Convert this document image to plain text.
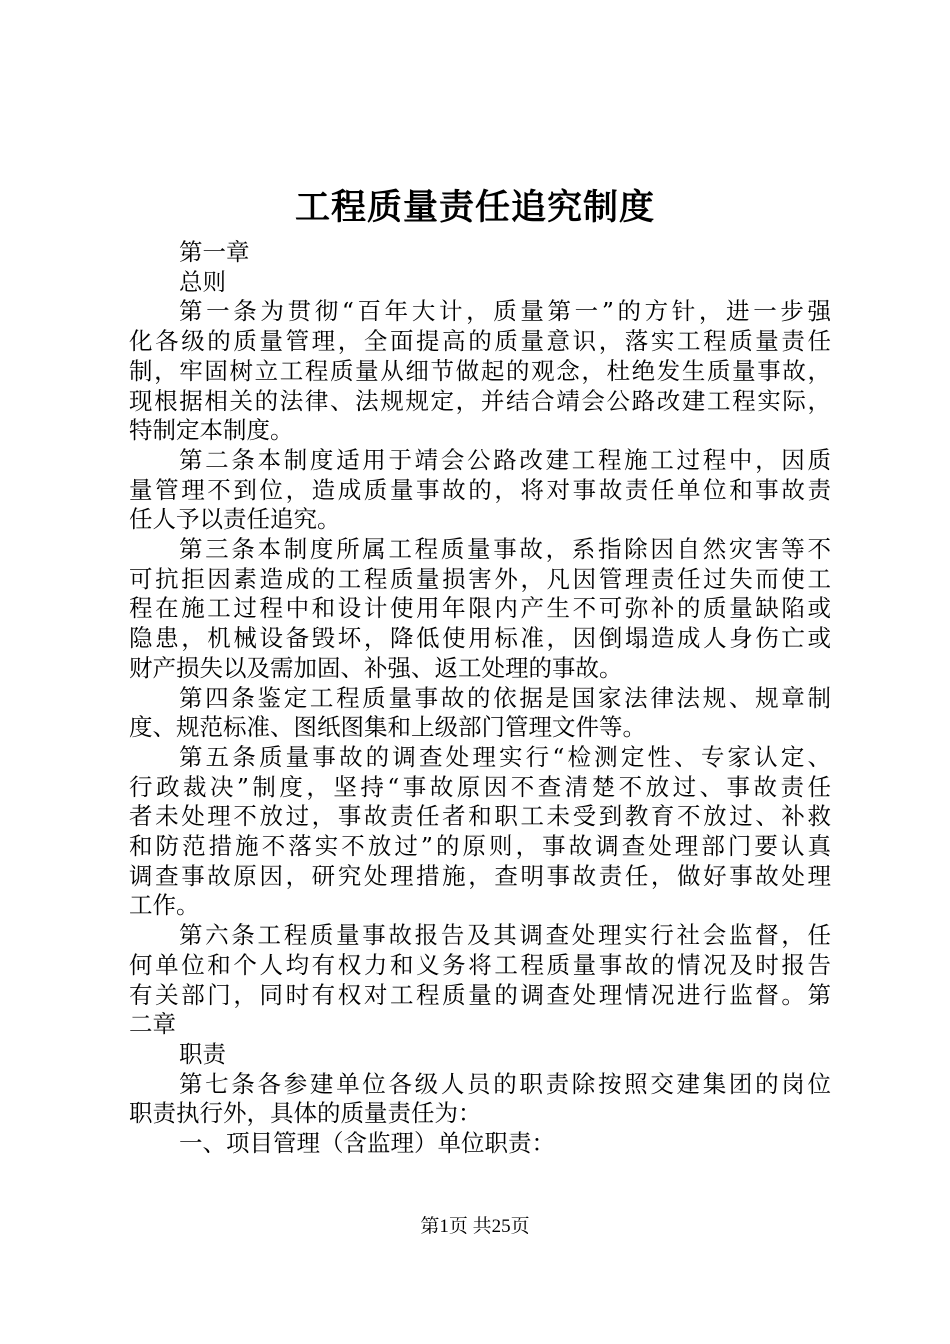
工程质量责任追究制度

第一章

总则

第一条为贯彻“百年大计，质量第一”的方针，进一步强

化各级的质量管理，全面提高的质量意识，落实工程质量责任

制，牢固树立工程质量从细节做起的观念，杜绝发生质量事故，

现根据相关的法律、法规规定，并结合靖会公路改建工程实际，

特制定本制度。

第二条本制度适用于靖会公路改建工程施工过程中，因质

量管理不到位，造成质量事故的，将对事故责任单位和事故责

任人予以责任追究。

第三条本制度所属工程质量事故，系指除因自然灾害等不

可抗拒因素造成的工程质量损害外，凡因管理责任过失而使工

程在施工过程中和设计使用年限内产生不可弥补的质量缺陷或

隐患，机械设备毁坏，降低使用标准，因倒塌造成人身伤亡或

财产损失以及需加固、补强、返工处理的事故。

第四条鉴定工程质量事故的依据是国家法律法规、规章制

度、规范标准、图纸图集和上级部门管理文件等。

第五条质量事故的调查处理实行“检测定性、专家认定、

行政裁决”制度，坚持“事故原因不查清楚不放过、事故责任

者未处理不放过，事故责任者和职工未受到教育不放过、补救

和防范措施不落实不放过”的原则，事故调查处理部门要认真

调查事故原因，研究处理措施，查明事故责任，做好事故处理

工作。

第六条工程质量事故报告及其调查处理实行社会监督，任

何单位和个人均有权力和义务将工程质量事故的情况及时报告

有关部门，同时有权对工程质量的调查处理情况进行监督。第

二章

职责

第七条各参建单位各级人员的职责除按照交建集团的岗位

职责执行外，具体的质量责任为：

一、项目管理（含监理）单位职责：

第1页 共25页
